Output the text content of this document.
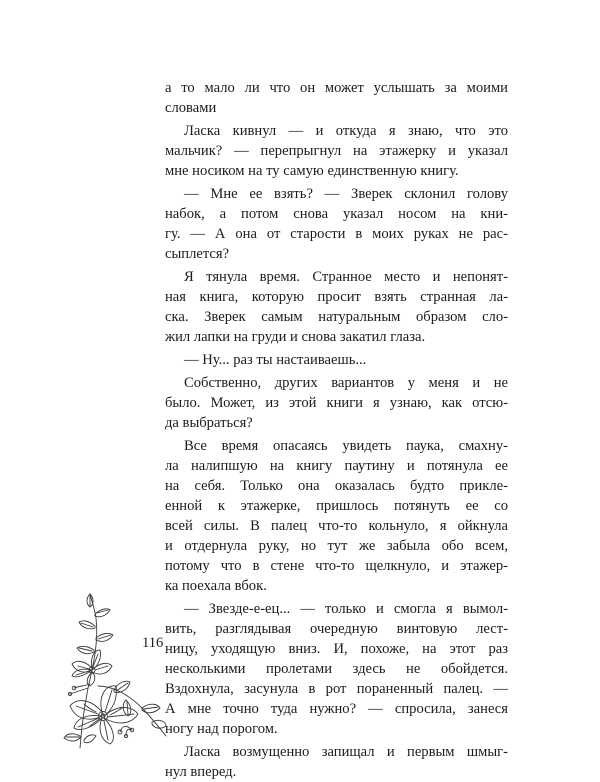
а то мало ли что он может услышать за моими
словами
Ласка кивнул — и откуда я знаю, что это
мальчик? — перепрыгнул на этажерку и указал
мне носиком на ту самую единственную книгу.
— Мне ее взять? — Зверек склонил голову
набок, а потом снова указал носом на кни-
гу. — А она от старости в моих руках не рас-
сыплется?
Я тянула время. Странное место и непонят-
ная книга, которую просит взять странная ла-
ска. Зверек самым натуральным образом сло-
жил лапки на груди и снова закатил глаза.
— Ну... раз ты настаиваешь...
Собственно, других вариантов у меня и не
было. Может, из этой книги я узнаю, как отсю-
да выбраться?
Все время опасаясь увидеть паука, смахну-
ла налипшую на книгу паутину и потянула ее
на себя. Только она оказалась будто прикле-
енной к этажерке, пришлось потянуть ее со
всей силы. В палец что-то кольнуло, я ойкнула
и отдернула руку, но тут же забыла обо всем,
потому что в стене что-то щелкнуло, и этажер-
ка поехала вбок.
— Звезде-е-ец... — только и смогла я вымол-
вить, разглядывая очередную винтовую лест-
ницу, уходящую вниз. И, похоже, на этот раз
несколькими пролетами здесь не обойдется.
Вздохнула, засунула в рот пораненный палец. —
А мне точно туда нужно? — спросила, занеся
ногу над порогом.
Ласка возмущенно запищал и первым шмыг-
нул вперед.
116
